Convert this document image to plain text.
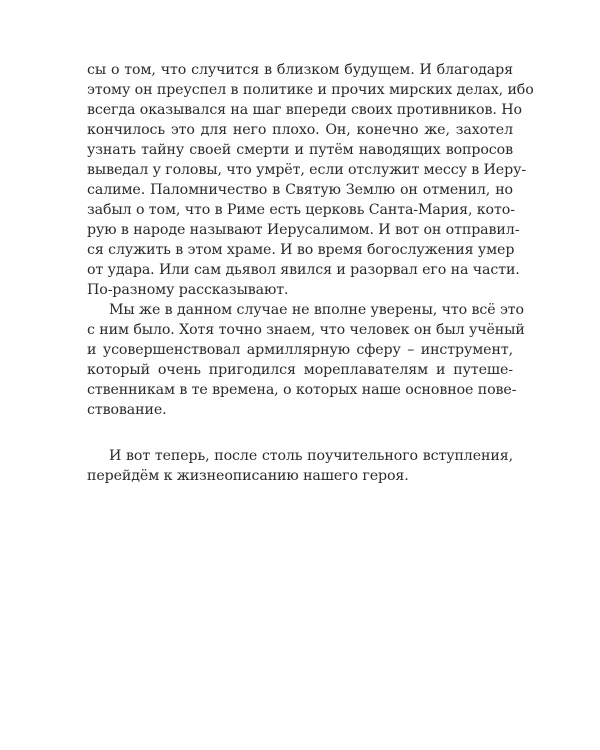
сы о том, что случится в близком будущем. И благодаря
этому он преуспел в политике и прочих мирских делах, ибо
всегда оказывался на шаг впереди своих противников. Но
кончилось это для него плохо. Он, конечно же, захотел
узнать тайну своей смерти и путём наводящих вопросов
выведал у головы, что умрёт, если отслужит мессу в Иеру-
салиме. Паломничество в Святую Землю он отменил, но
забыл о том, что в Риме есть церковь Санта-Мария, кото-
рую в народе называют Иерусалимом. И вот он отправил-
ся служить в этом храме. И во время богослужения умер
от удара. Или сам дьявол явился и разорвал его на части.
По-разному рассказывают.
Мы же в данном случае не вполне уверены, что всё это
с ним было. Хотя точно знаем, что человек он был учёный
и усовершенствовал армиллярную сферу – инструмент,
который очень пригодился мореплавателям и путеше-
ственникам в те времена, о которых наше основное пове-
ствование.
И вот теперь, после столь поучительного вступления,
перейдём к жизнеописанию нашего героя.
